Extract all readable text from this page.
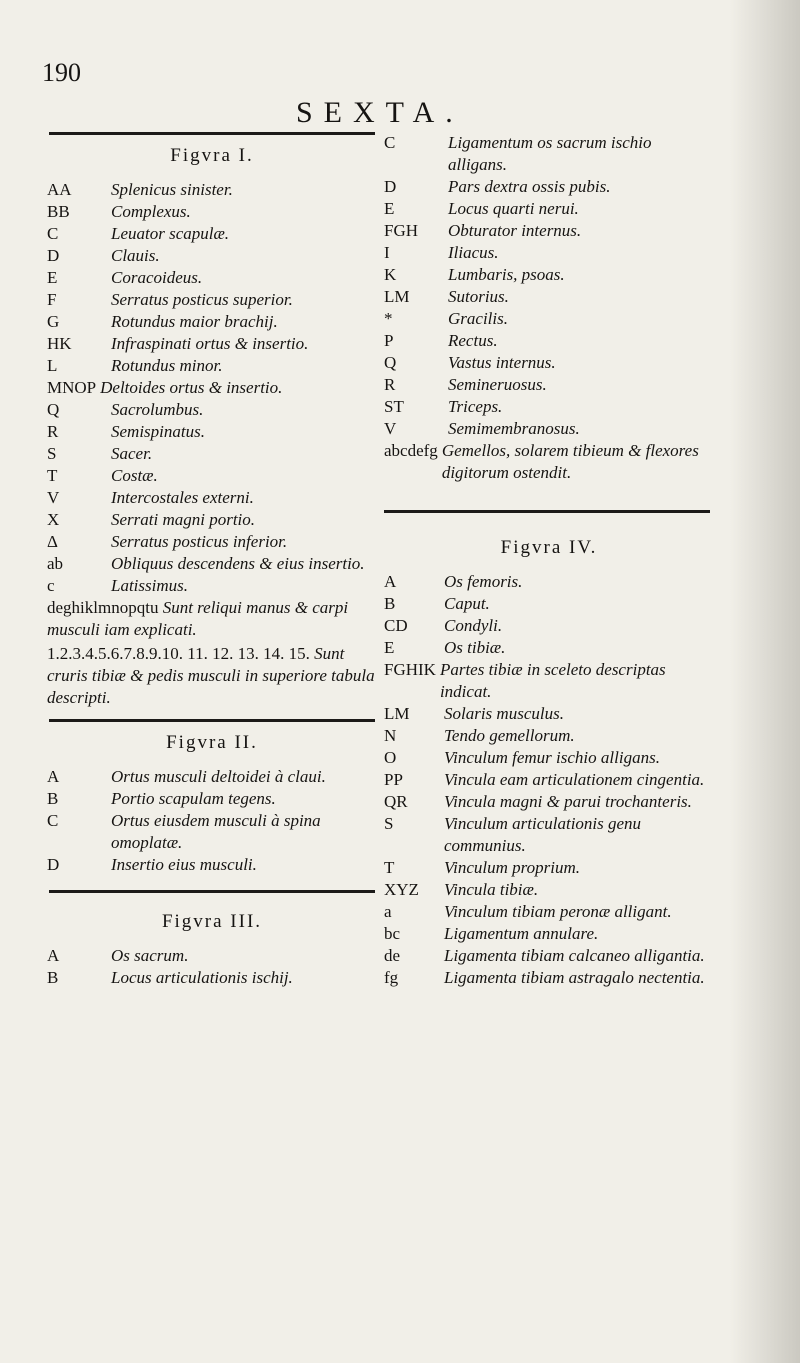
190
SEXTA.
Figvra I.
AA	Splenicus sinister.
BB	Complexus.
C	Leuator scapulæ.
D	Clauis.
E	Coracoideus.
F	Serratus posticus superior.
G	Rotundus maior brachij.
HK	Infraspinati ortus & insertio.
L	Rotundus minor.
MNOP Deltoides ortus & insertio.
Q	Sacrolumbus.
R	Semispinatus.
S	Sacer.
T	Costæ.
V	Intercostales externi.
X	Serrati magni portio.
Δ	Serratus posticus inferior.
ab	Obliquus descendens & eius insertio.
c	Latissimus.
deghiklmnopqtu Sunt reliqui manus & carpi musculi iam explicati.
1.2.3.4.5.6.7.8.9.10. 11. 12. 13. 14. 15. Sunt cruris tibiæ & pedis musculi in superiore tabula descripti.
Figvra II.
A	Ortus musculi deltoidei à claui.
B	Portio scapulam tegens.
C	Ortus eiusdem musculi à spina omoplatæ.
D	Insertio eius musculi.
Figvra III.
A	Os sacrum.
B	Locus articulationis ischij.
C	Ligamentum os sacrum ischio alligans.
D	Pars dextra ossis pubis.
E	Locus quarti nerui.
FGH	Obturator internus.
I	Iliacus.
K	Lumbaris, psoas.
LM	Sutorius.
*	Gracilis.
P	Rectus.
Q	Vastus internus.
R	Semineruosus.
ST	Triceps.
V	Semimembranosus.
abcdefg Gemellos, solarem tibieum & flexores digitorum ostendit.
Figvra IV.
A	Os femoris.
B	Caput.
CD	Condyli.
E	Os tibiæ.
FGHIK Partes tibiæ in sceleto descriptas indicat.
LM	Solaris musculus.
N	Tendo gemellorum.
O	Vinculum femur ischio alligans.
PP	Vincula eam articulationem cingentia.
QR	Vincula magni & parui trochanteris.
S	Vinculum articulationis genu communius.
T	Vinculum proprium.
XYZ	Vincula tibiæ.
a	Vinculum tibiam peronæ alligant.
bc	Ligamentum annulare.
de	Ligamenta tibiam calcaneo alligantia.
fg	Ligamenta tibiam astragalo nectentia.
